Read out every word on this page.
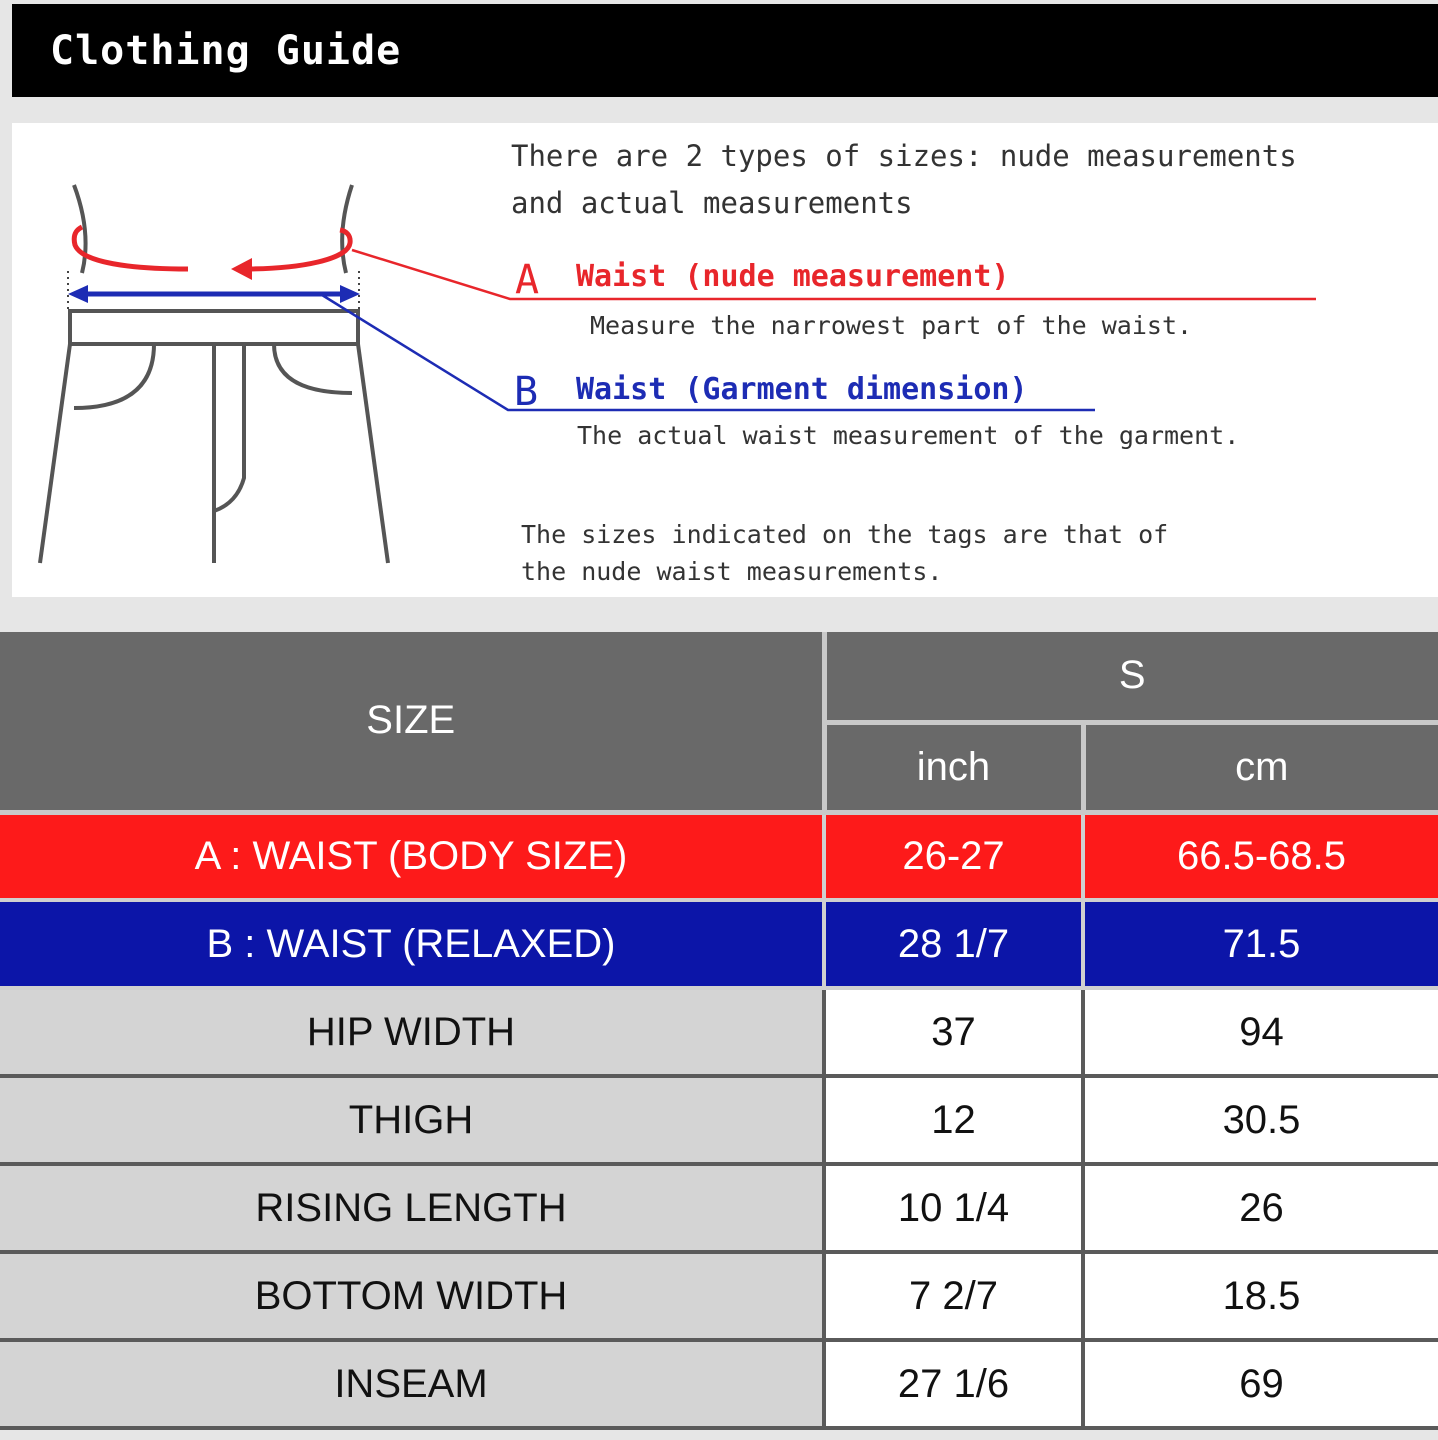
Clothing Guide
There are 2 types of sizes: nude measurements
and actual measurements
A Waist (nude measurement)
Measure the narrowest part of the waist.
B Waist (Garment dimension)
The actual waist measurement of the garment.
The sizes indicated on the tags are that of
the nude waist measurements.
SIZE	S	
	inch	cm
A : WAIST (BODY SIZE)	26-27	66.5-68.5
B : WAIST (RELAXED)	28 1/7	71.5
HIP WIDTH	37	94
THIGH	12	30.5
RISING LENGTH	10 1/4	26
BOTTOM WIDTH	7 2/7	18.5
INSEAM	27 1/6	69
